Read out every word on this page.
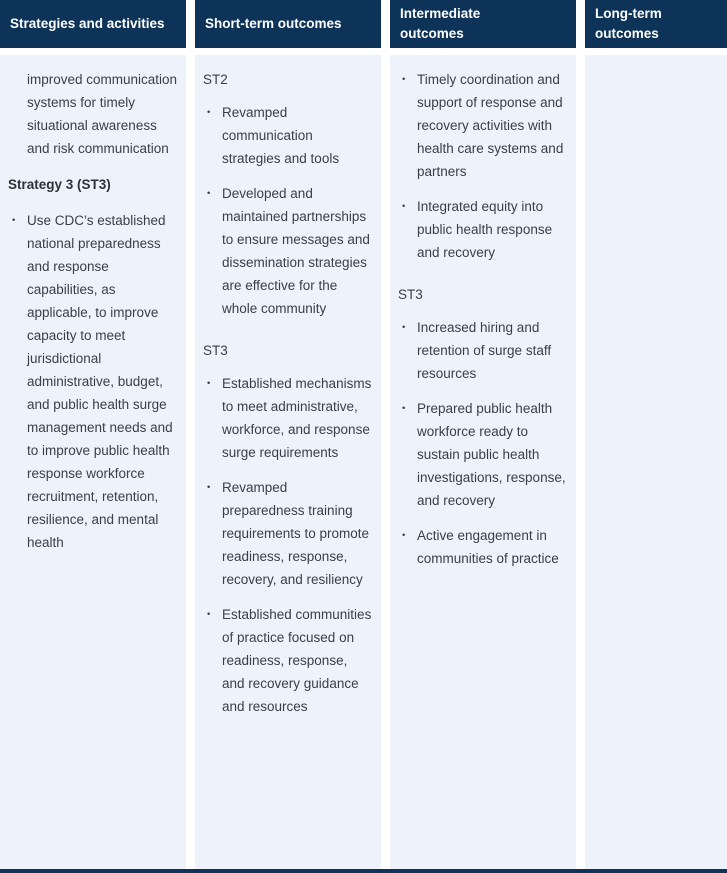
Strategies and activities	Short-term outcomes
Intermediate outcomes
Long-term outcomes

improved communication systems for timely situational awareness and risk communication

Strategy 3 (ST3)

• Use CDC’s established national preparedness and response capabilities, as applicable, to improve capacity to meet jurisdictional administrative, budget, and public health surge management needs and to improve public health response workforce recruitment, retention, resilience, and mental health

ST2

• Revamped communication strategies and tools
• Developed and maintained partnerships to ensure messages and dissemination strategies are effective for the whole community

ST3

• Established mechanisms to meet administrative, workforce, and response surge requirements
• Revamped preparedness training requirements to promote readiness, response, recovery, and resiliency
• Established communities of practice focused on readiness, response, and recovery guidance and resources
• Timely coordination and support of response and recovery activities with health care systems and partners
• Integrated equity into public health response and recovery

ST3

• Increased hiring and retention of surge staff resources
• Prepared public health workforce ready to sustain public health investigations, response, and recovery
• Active engagement in communities of practice
